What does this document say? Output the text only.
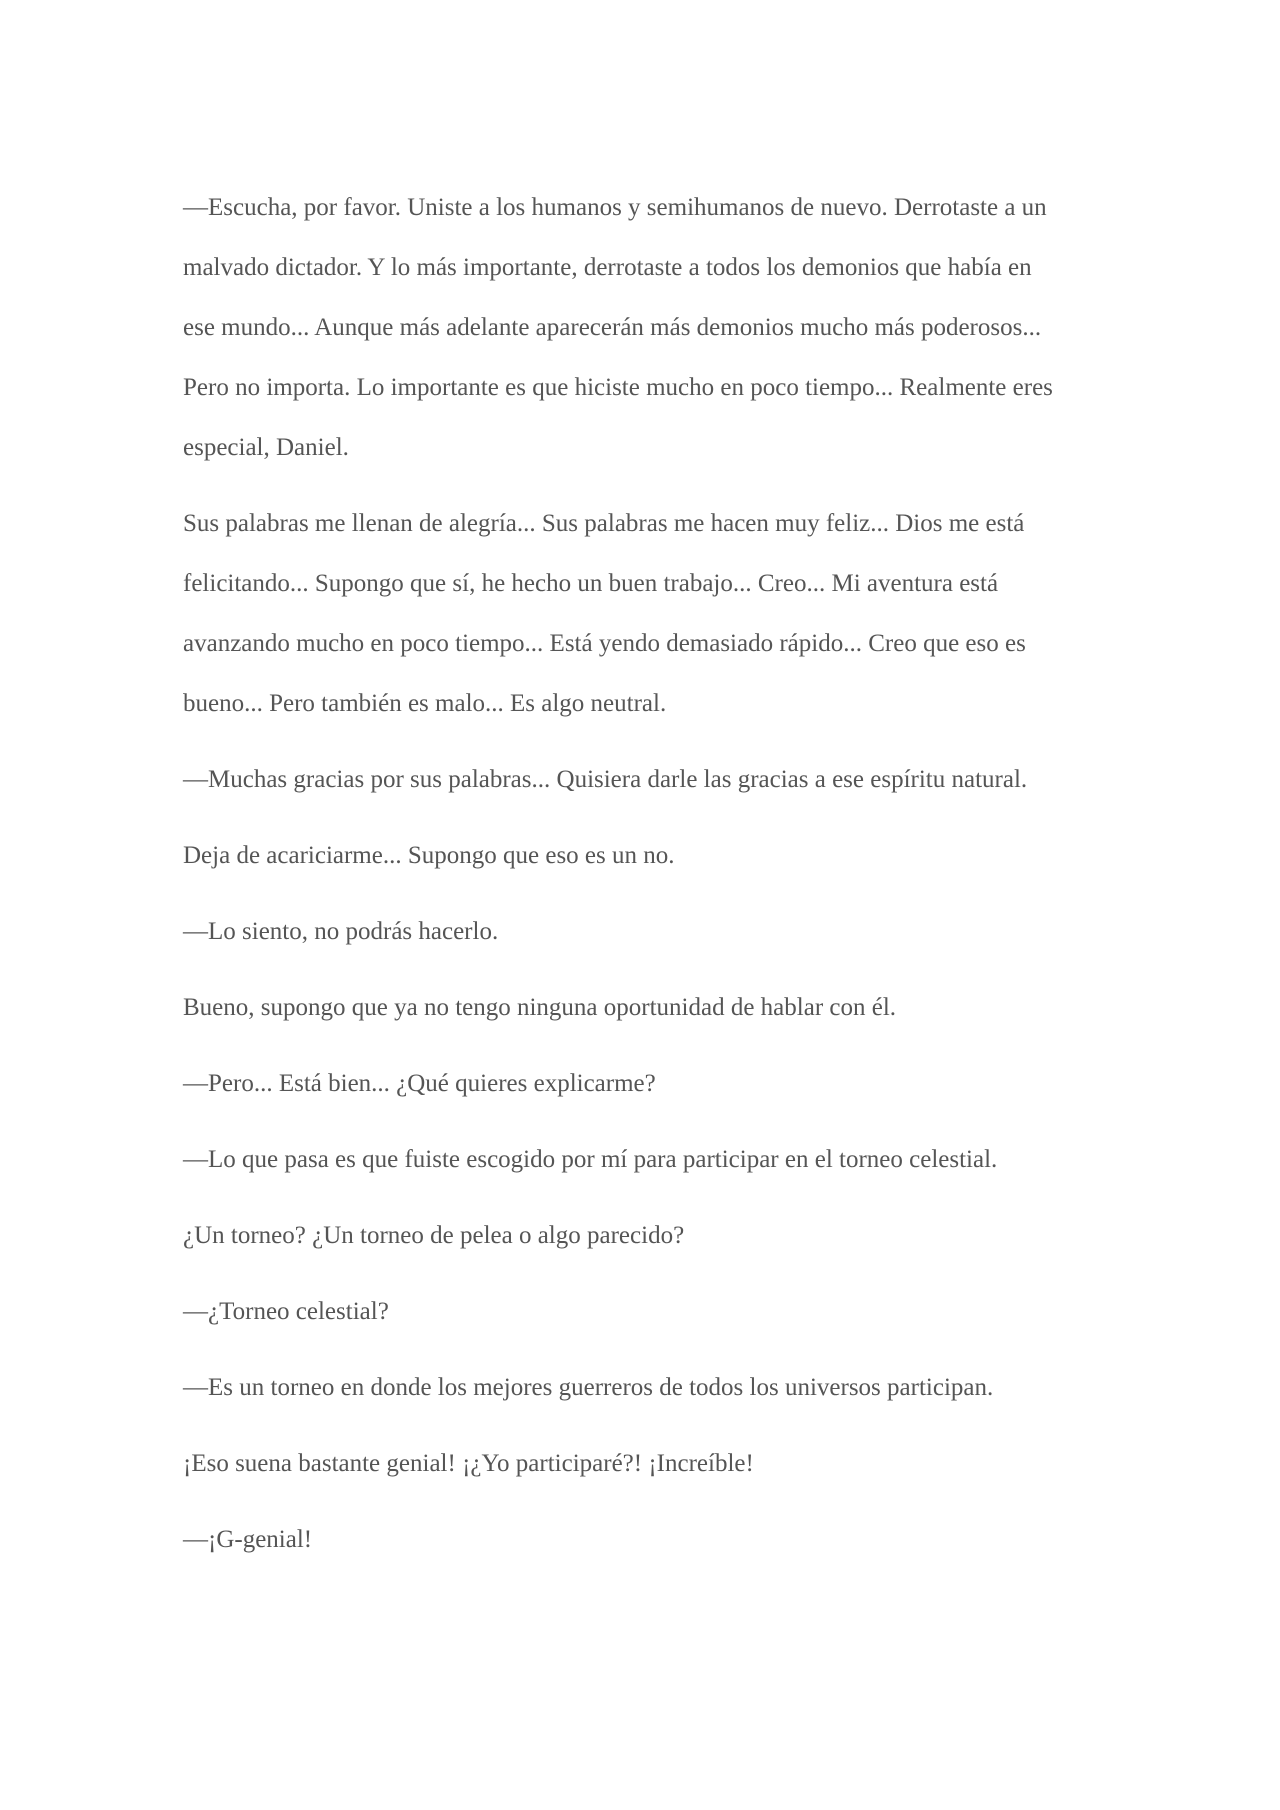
—Escucha, por favor. Uniste a los humanos y semihumanos de nuevo. Derrotaste a un
malvado dictador. Y lo más importante, derrotaste a todos los demonios que había en
ese mundo... Aunque más adelante aparecerán más demonios mucho más poderosos...
Pero no importa. Lo importante es que hiciste mucho en poco tiempo... Realmente eres
especial, Daniel.

Sus palabras me llenan de alegría... Sus palabras me hacen muy feliz... Dios me está
felicitando... Supongo que sí, he hecho un buen trabajo... Creo... Mi aventura está
avanzando mucho en poco tiempo... Está yendo demasiado rápido... Creo que eso es
bueno... Pero también es malo... Es algo neutral.

—Muchas gracias por sus palabras... Quisiera darle las gracias a ese espíritu natural.

Deja de acariciarme... Supongo que eso es un no.

—Lo siento, no podrás hacerlo.

Bueno, supongo que ya no tengo ninguna oportunidad de hablar con él.

—Pero... Está bien... ¿Qué quieres explicarme?

—Lo que pasa es que fuiste escogido por mí para participar en el torneo celestial.

¿Un torneo? ¿Un torneo de pelea o algo parecido?

—¿Torneo celestial?

—Es un torneo en donde los mejores guerreros de todos los universos participan.

¡Eso suena bastante genial! ¡¿Yo participaré?! ¡Increíble!

—¡G-genial!
